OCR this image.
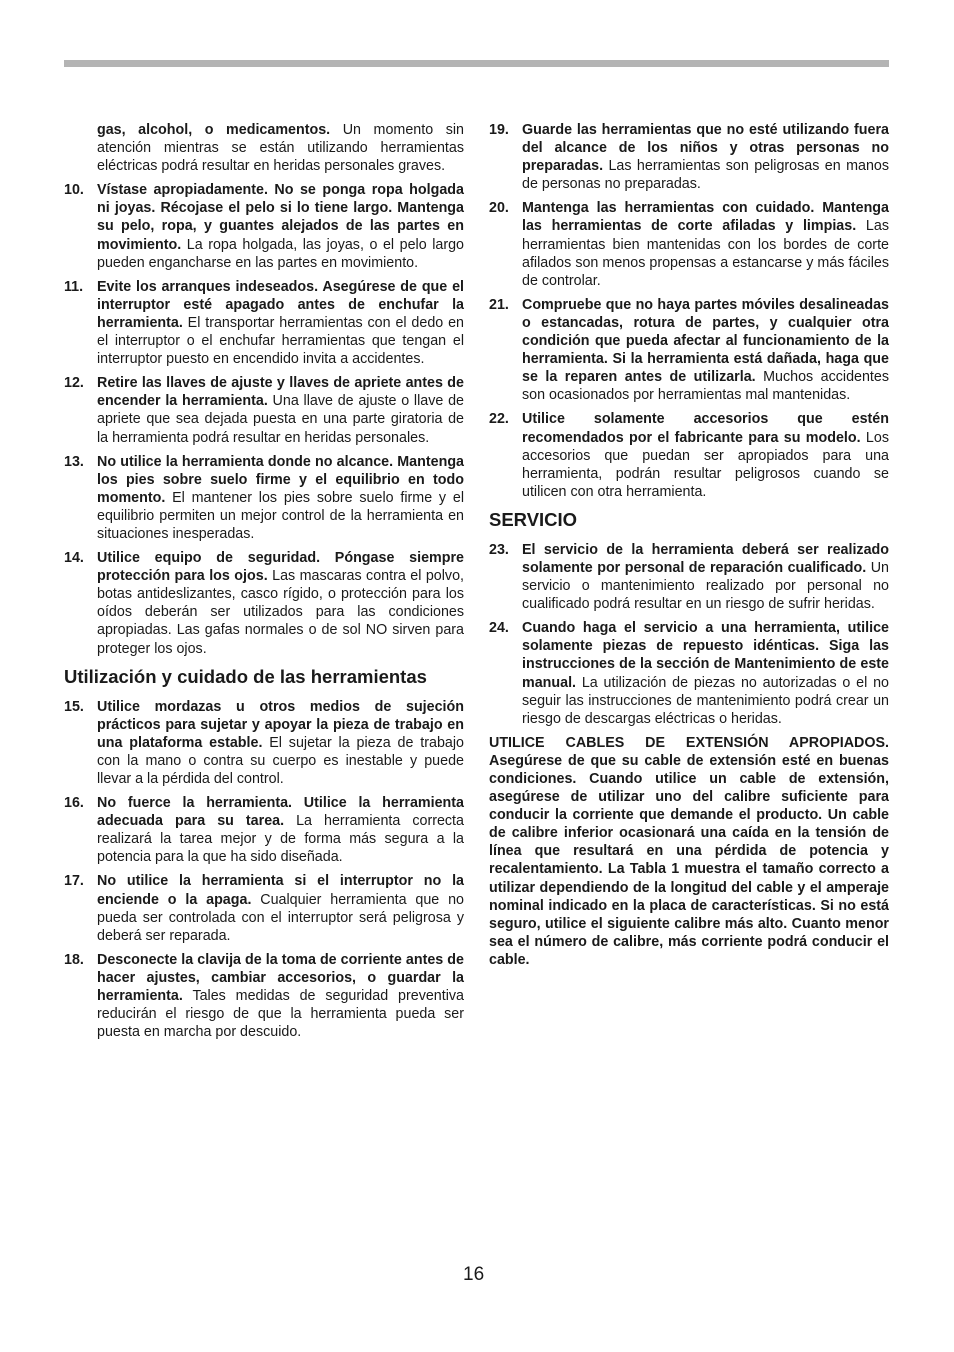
gas, alcohol, o medicamentos. Un momento sin atención mientras se están utilizando herramientas eléctricas podrá resultar en heridas personales graves.
10. Vístase apropiadamente. No se ponga ropa holgada ni joyas. Récojase el pelo si lo tiene largo. Mantenga su pelo, ropa, y guantes alejados de las partes en movimiento. La ropa holgada, las joyas, o el pelo largo pueden engancharse en las partes en movimiento.
11. Evite los arranques indeseados. Asegúrese de que el interruptor esté apagado antes de enchufar la herramienta. El transportar herramientas con el dedo en el interruptor o el enchufar herramientas que tengan el interruptor puesto en encendido invita a accidentes.
12. Retire las llaves de ajuste y llaves de apriete antes de encender la herramienta. Una llave de ajuste o llave de apriete que sea dejada puesta en una parte giratoria de la herramienta podrá resultar en heridas personales.
13. No utilice la herramienta donde no alcance. Mantenga los pies sobre suelo firme y el equilibrio en todo momento. El mantener los pies sobre suelo firme y el equilibrio permiten un mejor control de la herramienta en situaciones inesperadas.
14. Utilice equipo de seguridad. Póngase siempre protección para los ojos. Las mascaras contra el polvo, botas antideslizantes, casco rígido, o protección para los oídos deberán ser utilizados para las condiciones apropiadas. Las gafas normales o de sol NO sirven para proteger los ojos.
Utilización y cuidado de las herramientas
15. Utilice mordazas u otros medios de sujeción prácticos para sujetar y apoyar la pieza de trabajo en una plataforma estable. El sujetar la pieza de trabajo con la mano o contra su cuerpo es inestable y puede llevar a la pérdida del control.
16. No fuerce la herramienta. Utilice la herramienta adecuada para su tarea. La herramienta correcta realizará la tarea mejor y de forma más segura a la potencia para la que ha sido diseñada.
17. No utilice la herramienta si el interruptor no la enciende o la apaga. Cualquier herramienta que no pueda ser controlada con el interruptor será peligrosa y deberá ser reparada.
18. Desconecte la clavija de la toma de corriente antes de hacer ajustes, cambiar accesorios, o guardar la herramienta. Tales medidas de seguridad preventiva reducirán el riesgo de que la herramienta pueda ser puesta en marcha por descuido.
19. Guarde las herramientas que no esté utilizando fuera del alcance de los niños y otras personas no preparadas. Las herramientas son peligrosas en manos de personas no preparadas.
20. Mantenga las herramientas con cuidado. Mantenga las herramientas de corte afiladas y limpias. Las herramientas bien mantenidas con los bordes de corte afilados son menos propensas a estancarse y más fáciles de controlar.
21. Compruebe que no haya partes móviles desalineadas o estancadas, rotura de partes, y cualquier otra condición que pueda afectar al funcionamiento de la herramienta. Si la herramienta está dañada, haga que se la reparen antes de utilizarla. Muchos accidentes son ocasionados por herramientas mal mantenidas.
22. Utilice solamente accesorios que estén recomendados por el fabricante para su modelo. Los accesorios que puedan ser apropiados para una herramienta, podrán resultar peligrosos cuando se utilicen con otra herramienta.
SERVICIO
23. El servicio de la herramienta deberá ser realizado solamente por personal de reparación cualificado. Un servicio o mantenimiento realizado por personal no cualificado podrá resultar en un riesgo de sufrir heridas.
24. Cuando haga el servicio a una herramienta, utilice solamente piezas de repuesto idénticas. Siga las instrucciones de la sección de Mantenimiento de este manual. La utilización de piezas no autorizadas o el no seguir las instrucciones de mantenimiento podrá crear un riesgo de descargas eléctricas o heridas.

UTILICE CABLES DE EXTENSIÓN APROPIADOS. Asegúrese de que su cable de extensión esté en buenas condiciones. Cuando utilice un cable de extensión, asegúrese de utilizar uno del calibre suficiente para conducir la corriente que demande el producto. Un cable de calibre inferior ocasionará una caída en la tensión de línea que resultará en una pérdida de potencia y recalentamiento. La Tabla 1 muestra el tamaño correcto a utilizar dependiendo de la longitud del cable y el amperaje nominal indicado en la placa de características. Si no está seguro, utilice el siguiente calibre más alto. Cuanto menor sea el número de calibre, más corriente podrá conducir el cable.

16
